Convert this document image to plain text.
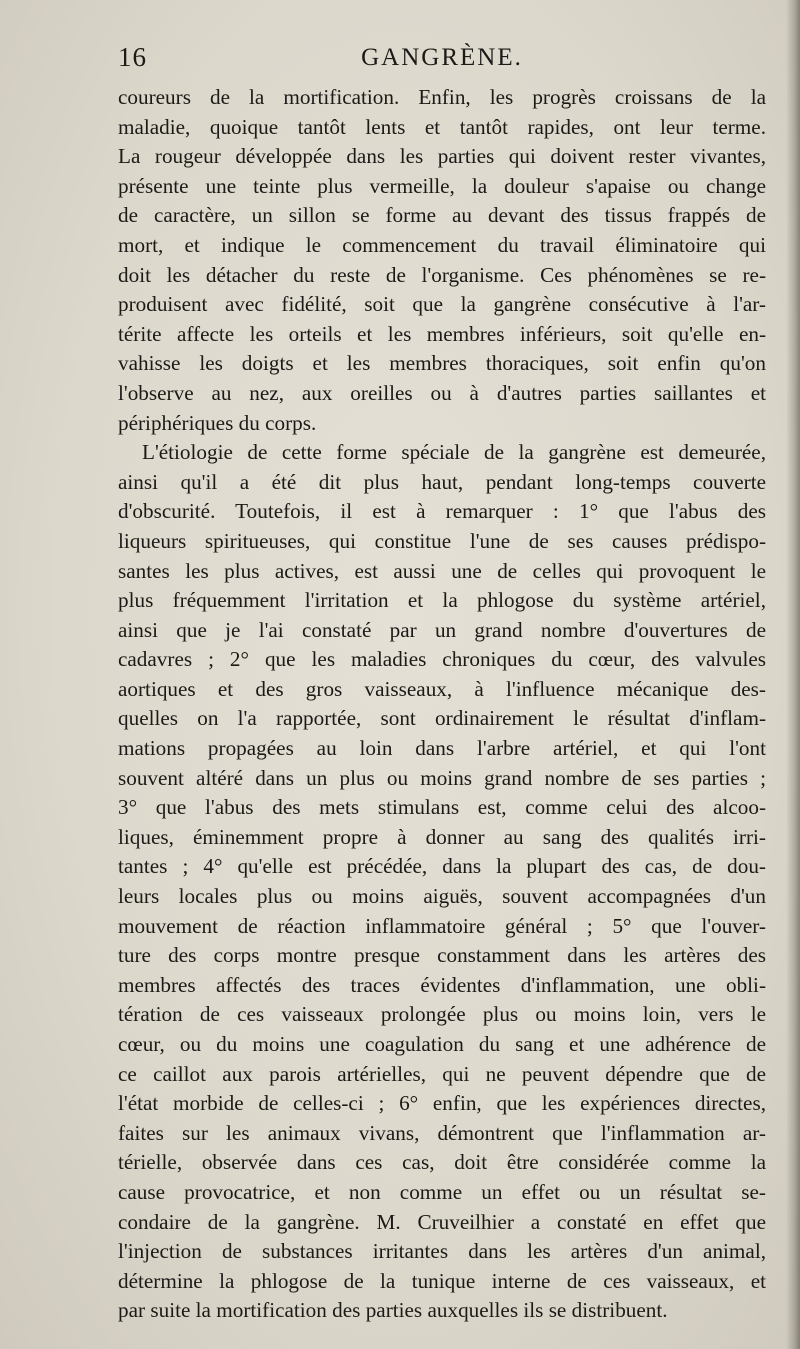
16	GANGRÈNE.
coureurs de la mortification. Enfin, les progrès croissans de la
maladie, quoique tantôt lents et tantôt rapides, ont leur terme.
La rougeur développée dans les parties qui doivent rester vivantes,
présente une teinte plus vermeille, la douleur s'apaise ou change
de caractère, un sillon se forme au devant des tissus frappés de
mort, et indique le commencement du travail éliminatoire qui
doit les détacher du reste de l'organisme. Ces phénomènes se re-
produisent avec fidélité, soit que la gangrène consécutive à l'ar-
térite affecte les orteils et les membres inférieurs, soit qu'elle en-
vahisse les doigts et les membres thoraciques, soit enfin qu'on
l'observe au nez, aux oreilles ou à d'autres parties saillantes et
périphériques du corps.
L'étiologie de cette forme spéciale de la gangrène est demeurée,
ainsi qu'il a été dit plus haut, pendant long-temps couverte
d'obscurité. Toutefois, il est à remarquer : 1° que l'abus des
liqueurs spiritueuses, qui constitue l'une de ses causes prédispo-
santes les plus actives, est aussi une de celles qui provoquent le
plus fréquemment l'irritation et la phlogose du système artériel,
ainsi que je l'ai constaté par un grand nombre d'ouvertures de
cadavres ; 2° que les maladies chroniques du cœur, des valvules
aortiques et des gros vaisseaux, à l'influence mécanique des-
quelles on l'a rapportée, sont ordinairement le résultat d'inflam-
mations propagées au loin dans l'arbre artériel, et qui l'ont
souvent altéré dans un plus ou moins grand nombre de ses parties ;
3° que l'abus des mets stimulans est, comme celui des alcoo-
liques, éminemment propre à donner au sang des qualités irri-
tantes ; 4° qu'elle est précédée, dans la plupart des cas, de dou-
leurs locales plus ou moins aiguës, souvent accompagnées d'un
mouvement de réaction inflammatoire général ; 5° que l'ouver-
ture des corps montre presque constamment dans les artères des
membres affectés des traces évidentes d'inflammation, une obli-
tération de ces vaisseaux prolongée plus ou moins loin, vers le
cœur, ou du moins une coagulation du sang et une adhérence de
ce caillot aux parois artérielles, qui ne peuvent dépendre que de
l'état morbide de celles-ci ; 6° enfin, que les expériences directes,
faites sur les animaux vivans, démontrent que l'inflammation ar-
térielle, observée dans ces cas, doit être considérée comme la
cause provocatrice, et non comme un effet ou un résultat se-
condaire de la gangrène. M. Cruveilhier a constaté en effet que
l'injection de substances irritantes dans les artères d'un animal,
détermine la phlogose de la tunique interne de ces vaisseaux, et
par suite la mortification des parties auxquelles ils se distribuent.
